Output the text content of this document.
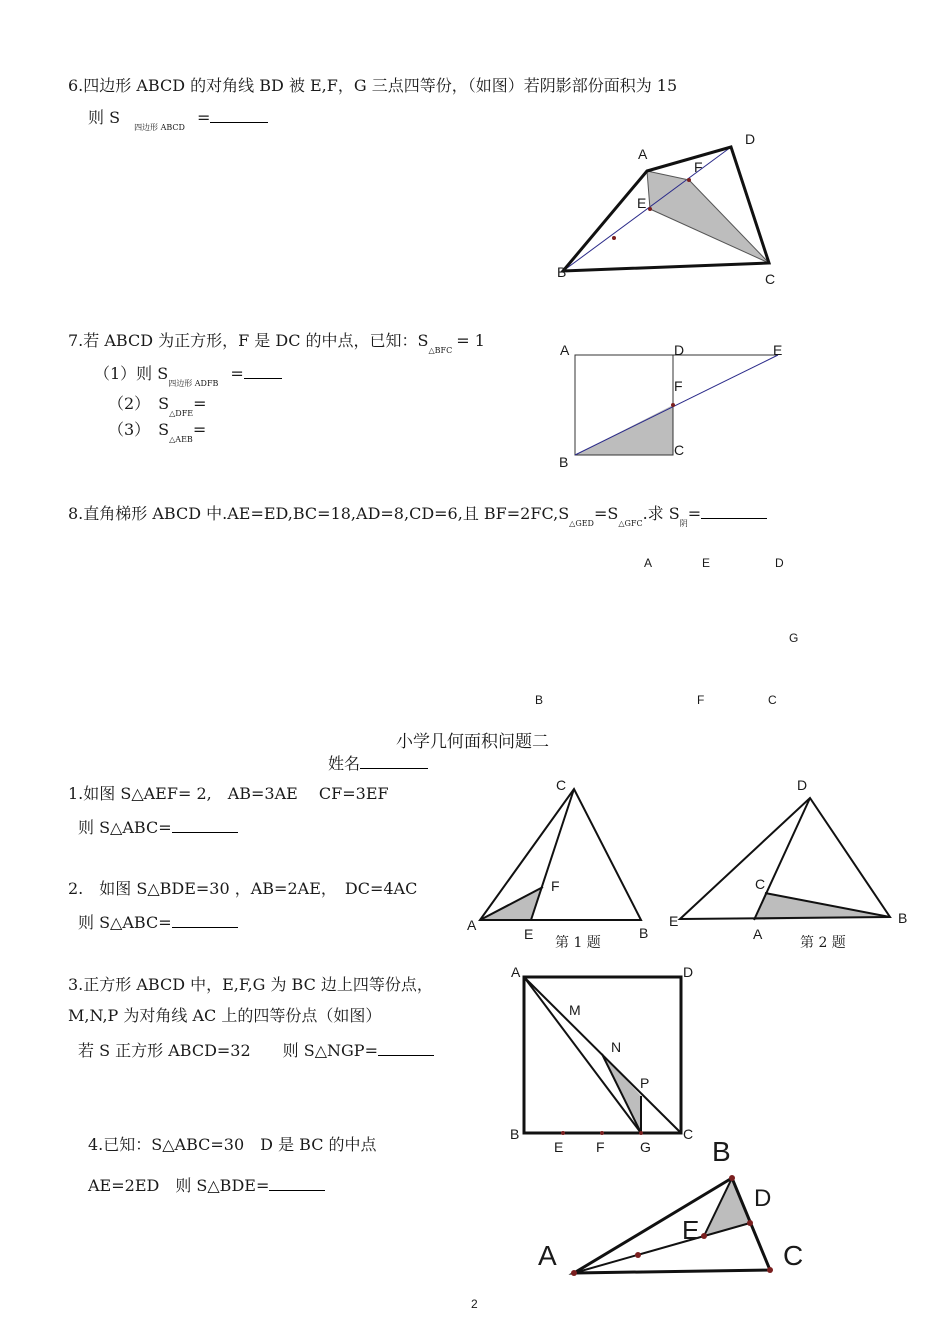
6.四边形 ABCD 的对角线 BD 被 E,F，G 三点四等份，（如图）若阴影部份面积为 15
则 $S_{四边形 ABCD}=$
A
D
F
E
B	C
7.若 ABCD 为正方形，F 是 DC 的中点，已知：$S_{\triangle BFC}= 1$
（1）则 $S_{四边形 ADFB}=$
（2）　$S_{\triangle DFE}=$
（3）　$S_{\triangle AEB}=$
A	D	E
F
B
C
8.直角梯形 ABCD 中.AE=ED,BC=18,AD=8,CD=6,且 $BF=2FC,S_{\triangle GED}=S_{\triangle GFC}$.求 $S_阴=$
A	E	D
G
B	F	C
小学几何面积问题二
姓名
1.如图 S△AEF= 2,　AB=3AE　 CF=3EF
则 S△ABC=
C
F
A
E	B
第 1 题
2.　如图 S△BDE=30 ，AB=2AE，　DC=4AC
则 S△ABC=
D
C
E
A
B
第 2 题
3.正方形 ABCD 中，E,F,G 为 BC 边上四等份点，
M,N,P 为对角线 AC 上的四等份点（如图）
若 S 正方形 ABCD=32　　则 S△NGP=
A	D
M
N
P
B	C
E F	G
4.已知：S△ABC=30　D 是 BC 的中点
AE=2ED　则 S△BDE=
B
D
E
A	C
2
